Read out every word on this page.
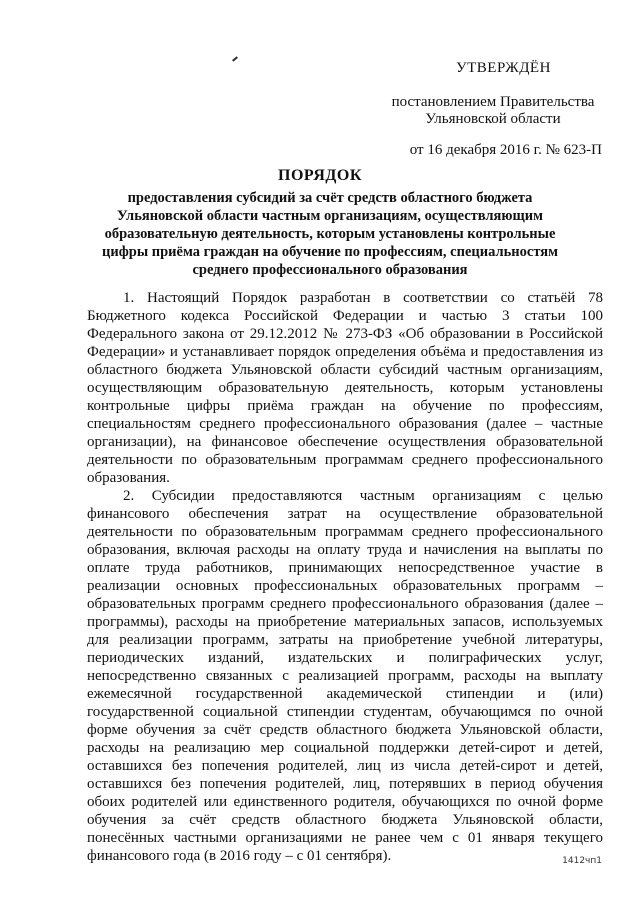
УТВЕРЖДЁН
постановлением Правительства
Ульяновской области
от 16 декабря 2016 г. № 623-П
ПОРЯДОК
предоставления субсидий за счёт средств областного бюджета Ульяновской области частным организациям, осуществляющим образовательную деятельность, которым установлены контрольные цифры приёма граждан на обучение по профессиям, специальностям среднего профессионального образования

1. Настоящий Порядок разработан в соответствии со статьёй 78 Бюджетного кодекса Российской Федерации и частью 3 статьи 100 Федерального закона от 29.12.2012 № 273-ФЗ «Об образовании в Российской Федерации» и устанавливает порядок определения объёма и предоставления из областного бюджета Ульяновской области субсидий частным организациям, осуществляющим образовательную деятельность, которым установлены контрольные цифры приёма граждан на обучение по профессиям, специальностям среднего профессионального образования (далее – частные организации), на финансовое обеспечение осуществления образовательной деятельности по образовательным программам среднего профессионального образования.

2. Субсидии предоставляются частным организациям с целью финансового обеспечения затрат на осуществление образовательной деятельности по образовательным программам среднего профессионального образования, включая расходы на оплату труда и начисления на выплаты по оплате труда работников, принимающих непосредственное участие в реализации основных профессиональных образовательных программ – образовательных программ среднего профессионального образования (далее – программы), расходы на приобретение материальных запасов, используемых для реализации программ, затраты на приобретение учебной литературы, периодических изданий, издательских и полиграфических услуг, непосредственно связанных с реализацией программ, расходы на выплату ежемесячной государственной академической стипендии и (или) государственной социальной стипендии студентам, обучающимся по очной форме обучения за счёт средств областного бюджета Ульяновской области, расходы на реализацию мер социальной поддержки детей-сирот и детей, оставшихся без попечения родителей, лиц из числа детей-сирот и детей, оставшихся без попечения родителей, лиц, потерявших в период обучения обоих родителей или единственного родителя, обучающихся по очной форме обучения за счёт средств областного бюджета Ульяновской области, понесённых частными организациями не ранее чем с 01 января текущего финансового года (в 2016 году – с 01 сентября).	1412чп1
